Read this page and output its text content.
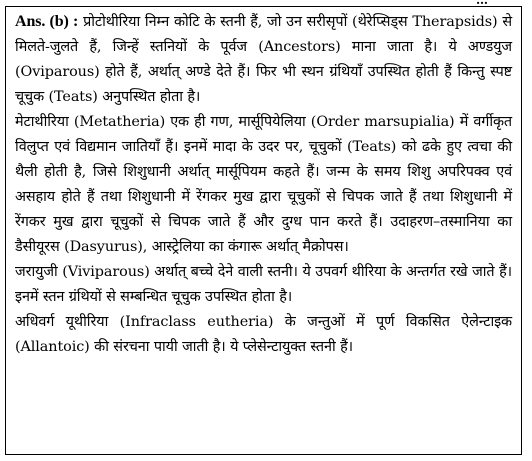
…

Ans. (b) : प्रोटोथीरिया निम्न कोटि के स्तनी हैं, जो उन सरीसृपों (थेरेप्सिड्स Therapsids) से मिलते-जुलते हैं, जिन्हें स्तनियों के पूर्वज (Ancestors) माना जाता है। ये अण्डयुज (Oviparous) होते हैं, अर्थात् अण्डे देते हैं। फिर भी स्थन ग्रंथियाँ उपस्थित होती हैं किन्तु स्पष्ट चूचुक (Teats) अनुपस्थित होता है।

मेटाथीरिया (Metatheria) एक ही गण, मार्सूपियेलिया (Order marsupialia) में वर्गीकृत विलुप्त एवं विद्यमान जातियाँ हैं। इनमें मादा के उदर पर, चूचुकों (Teats) को ढके हुए त्वचा की थैली होती है, जिसे शिशुधानी अर्थात् मार्सूपियम कहते हैं। जन्म के समय शिशु अपरिपक्व एवं असहाय होते हैं तथा शिशुधानी में रेंगकर मुख द्वारा चूचुकों से चिपक जाते हैं तथा शिशुधानी में रेंगकर मुख द्वारा चूचुकों से चिपक जाते हैं और दुग्ध पान करते हैं। उदाहरण–तस्मानिया का डैसीयूरस (Dasyurus), आस्ट्रेलिया का कंगारू अर्थात् मैक्रोपस।

जरायुजी (Viviparous) अर्थात् बच्चे देने वाली स्तनी। ये उपवर्ग थीरिया के अन्तर्गत रखे जाते हैं। इनमें स्तन ग्रंथियों से सम्बन्धित चूचुक उपस्थित होता है।

अधिवर्ग यूथीरिया (Infraclass eutheria) के जन्तुओं में पूर्ण विकसित ऐलेन्टाइक (Allantoic) की संरचना पायी जाती है। ये प्लेसेन्टायुक्त स्तनी हैं।
